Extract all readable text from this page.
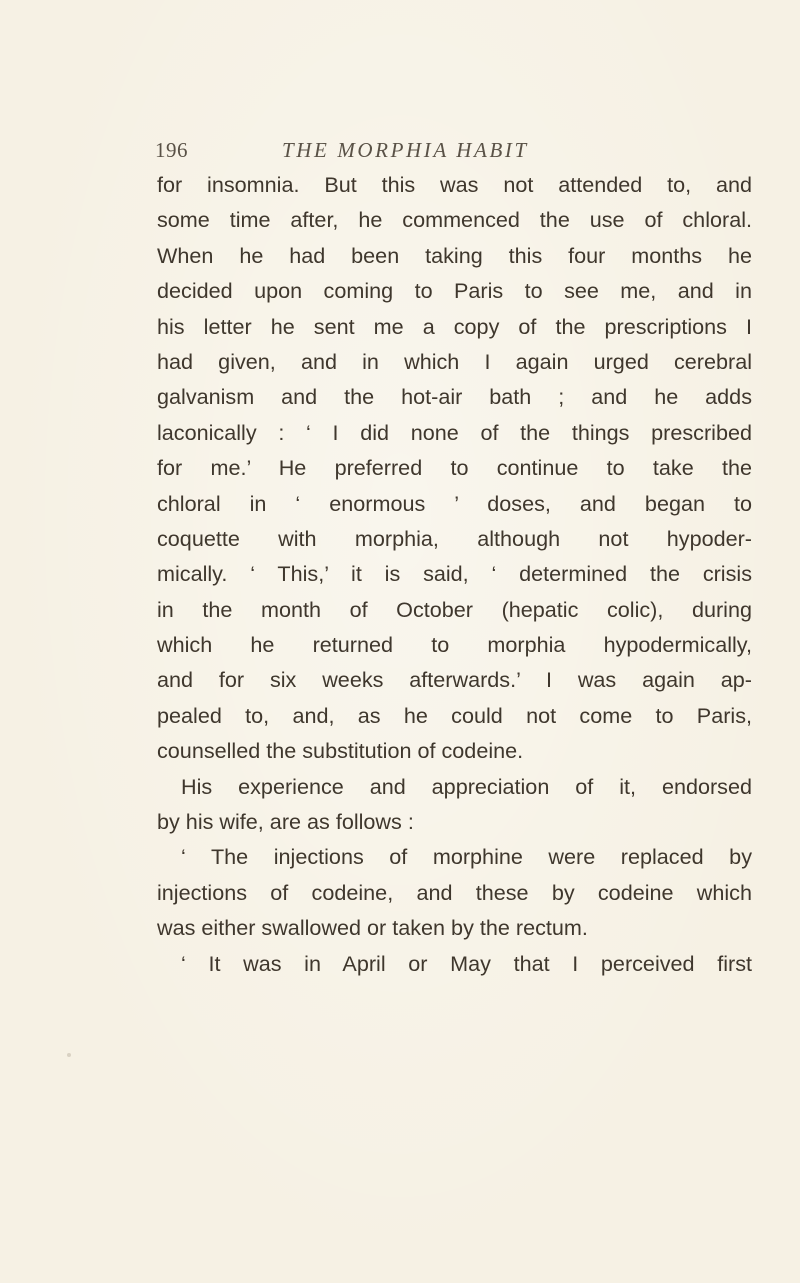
196	THE MORPHIA HABIT
for insomnia. But this was not attended to, and
some time after, he commenced the use of chloral.
When he had been taking this four months he
decided upon coming to Paris to see me, and in
his letter he sent me a copy of the prescriptions I
had given, and in which I again urged cerebral
galvanism and the hot-air bath ; and he adds
laconically : ‘ I did none of the things prescribed
for me.’ He preferred to continue to take the
chloral in ‘ enormous ’ doses, and began to
coquette with morphia, although not hypoder-
mically. ‘ This,’ it is said, ‘ determined the crisis
in the month of October (hepatic colic), during
which he returned to morphia hypodermically,
and for six weeks afterwards.’ I was again ap-
pealed to, and, as he could not come to Paris,
counselled the substitution of codeine.
His experience and appreciation of it, endorsed
by his wife, are as follows :
‘ The injections of morphine were replaced by
injections of codeine, and these by codeine which
was either swallowed or taken by the rectum.
‘ It was in April or May that I perceived first
